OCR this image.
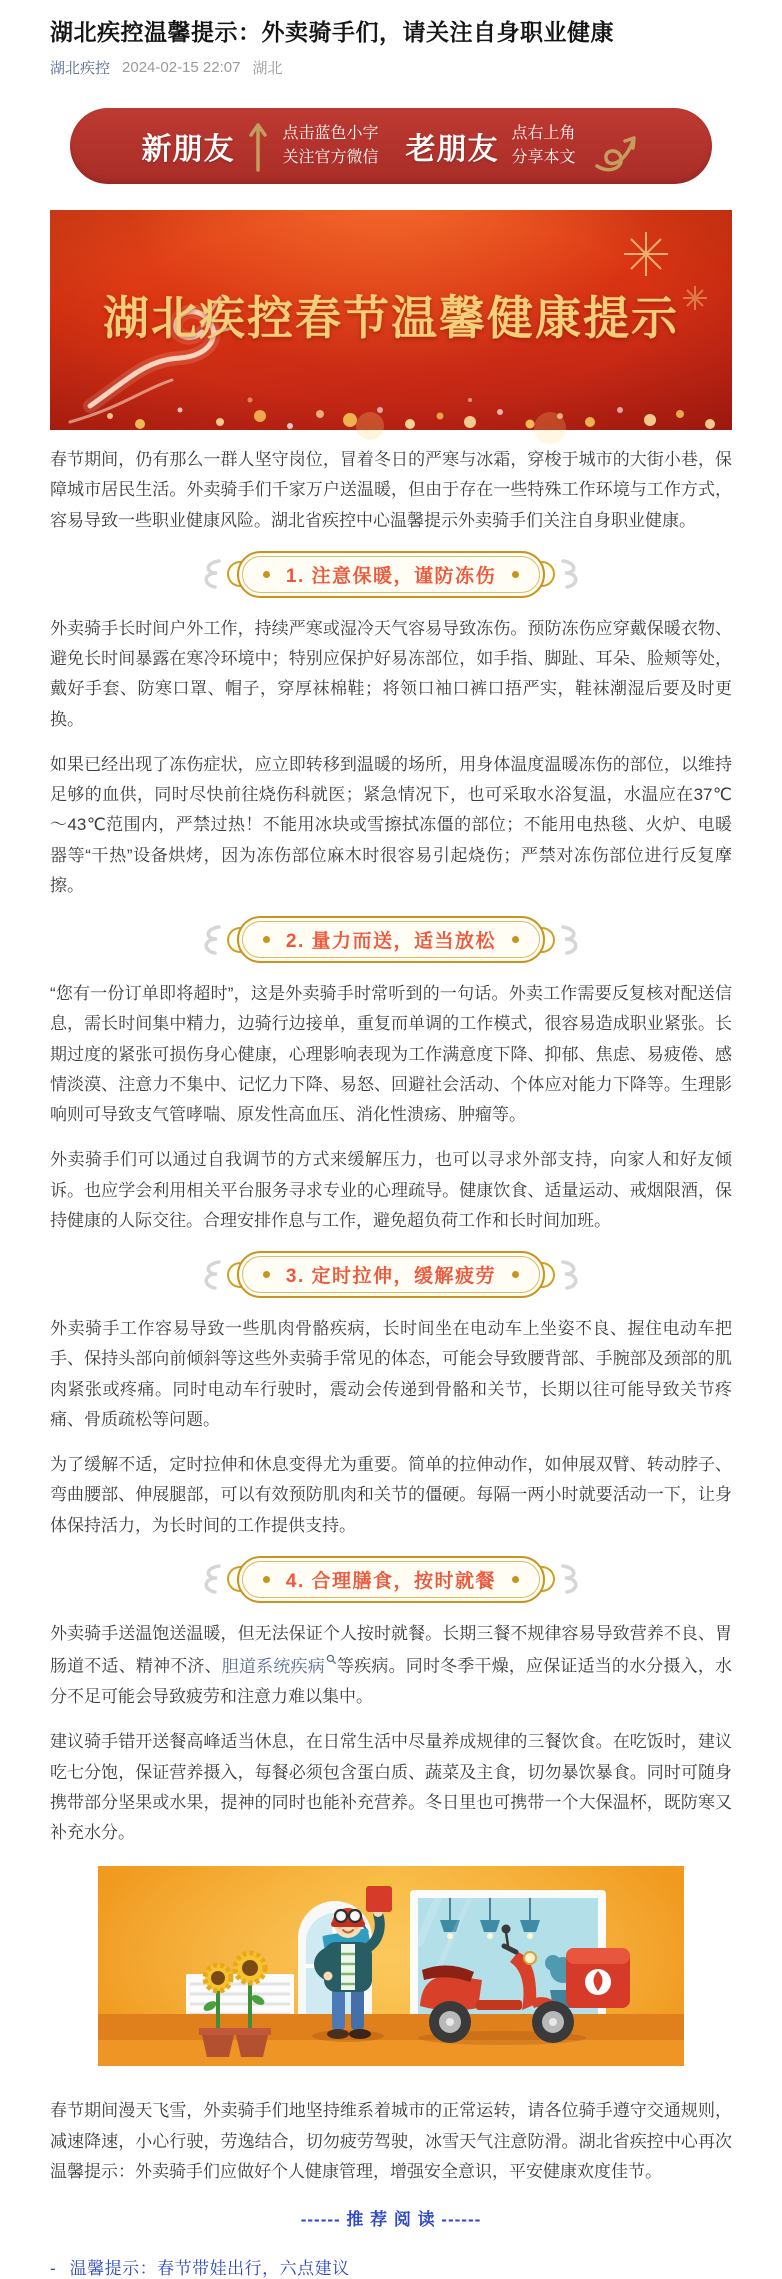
湖北疾控温馨提示：外卖骑手们，请关注自身职业健康
湖北疾控 2024-02-15 22:07 湖北
新朋友	点击蓝色小字
关注官方微信 老朋友 点右上角
分享本文
湖北疾控春节温馨健康提示

春节期间，仍有那么一群人坚守岗位，冒着冬日的严寒与冰霜，穿梭于城市的大街小巷，保障城市居民生活。外卖骑手们千家万户送温暖，但由于存在一些特殊工作环境与工作方式，容易导致一些职业健康风险。湖北省疾控中心温馨提示外卖骑手们关注自身职业健康。

1. 注意保暖，谨防冻伤

外卖骑手长时间户外工作，持续严寒或湿冷天气容易导致冻伤。预防冻伤应穿戴保暖衣物、避免长时间暴露在寒冷环境中；特别应保护好易冻部位，如手指、脚趾、耳朵、脸颊等处，戴好手套、防寒口罩、帽子，穿厚袜棉鞋；将领口袖口裤口捂严实，鞋袜潮湿后要及时更换。

如果已经出现了冻伤症状，应立即转移到温暖的场所，用身体温度温暖冻伤的部位，以维持足够的血供，同时尽快前往烧伤科就医；紧急情况下，也可采取水浴复温，水温应在37℃～43℃范围内，严禁过热！不能用冰块或雪擦拭冻僵的部位；不能用电热毯、火炉、电暖器等“干热”设备烘烤，因为冻伤部位麻木时很容易引起烧伤；严禁对冻伤部位进行反复摩擦。

2. 量力而送，适当放松

“您有一份订单即将超时”，这是外卖骑手时常听到的一句话。外卖工作需要反复核对配送信息，需长时间集中精力，边骑行边接单，重复而单调的工作模式，很容易造成职业紧张。长期过度的紧张可损伤身心健康，心理影响表现为工作满意度下降、抑郁、焦虑、易疲倦、感情淡漠、注意力不集中、记忆力下降、易怒、回避社会活动、个体应对能力下降等。生理影响则可导致支气管哮喘、原发性高血压、消化性溃疡、肿瘤等。

外卖骑手们可以通过自我调节的方式来缓解压力，也可以寻求外部支持，向家人和好友倾诉。也应学会利用相关平台服务寻求专业的心理疏导。健康饮食、适量运动、戒烟限酒，保持健康的人际交往。合理安排作息与工作，避免超负荷工作和长时间加班。

3. 定时拉伸，缓解疲劳

外卖骑手工作容易导致一些肌肉骨骼疾病，长时间坐在电动车上坐姿不良、握住电动车把手、保持头部向前倾斜等这些外卖骑手常见的体态，可能会导致腰背部、手腕部及颈部的肌肉紧张或疼痛。同时电动车行驶时，震动会传递到骨骼和关节，长期以往可能导致关节疼痛、骨质疏松等问题。

为了缓解不适，定时拉伸和休息变得尤为重要。简单的拉伸动作，如伸展双臂、转动脖子、弯曲腰部、伸展腿部，可以有效预防肌肉和关节的僵硬。每隔一两小时就要活动一下，让身体保持活力，为长时间的工作提供支持。

4. 合理膳食，按时就餐

外卖骑手送温饱送温暖，但无法保证个人按时就餐。长期三餐不规律容易导致营养不良、胃肠道不适、精神不济、胆道系统疾病 等疾病。同时冬季干燥，应保证适当的水分摄入，水分不足可能会导致疲劳和注意力难以集中。

建议骑手错开送餐高峰适当休息，在日常生活中尽量养成规律的三餐饮食。在吃饭时，建议吃七分饱，保证营养摄入，每餐必须包含蛋白质、蔬菜及主食，切勿暴饮暴食。同时可随身携带部分坚果或水果，提神的同时也能补充营养。冬日里也可携带一个大保温杯，既防寒又补充水分。

春节期间漫天飞雪，外卖骑手们地坚持维系着城市的正常运转，请各位骑手遵守交通规则，减速降速，小心行驶，劳逸结合，切勿疲劳驾驶，冰雪天气注意防滑。湖北省疾控中心再次温馨提示：外卖骑手们应做好个人健康管理，增强安全意识，平安健康欢度佳节。

------ 推 荐 阅 读 ------
- 温馨提示：春节带娃出行，六点建议
